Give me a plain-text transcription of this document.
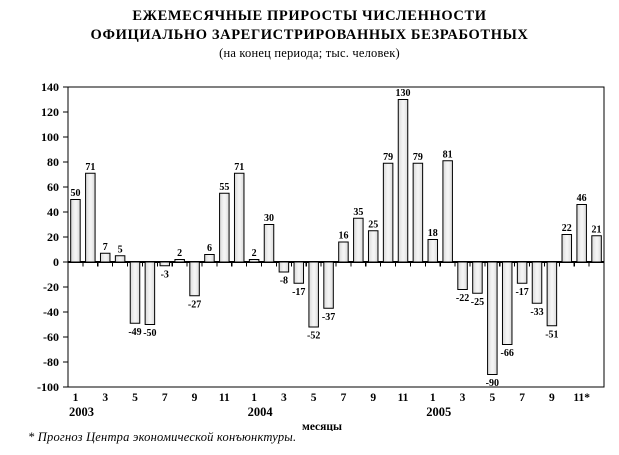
ЕЖЕМЕСЯЧНЫЕ ПРИРОСТЫ ЧИСЛЕННОСТИ
ОФИЦИАЛЬНО ЗАРЕГИСТРИРОВАННЫХ БЕЗРАБОТНЫХ
(на конец периода; тыс. человек)
140
120
100
80
60
40
20
0
-20
-40
-60
-80
-100
50
71
7 5
-49 -50
-3
2
-27
6
55
71
2
30
-8
-17
-52
-37
16
35
25
79
130
79
18
81
-22 -25
-90
-66
-17
-33
-51
22
46
21
1 3 5 7 9 11 1 3 5 7 9 11 1 3 5 7 9 11*
2003	2004	2005
месяцы
* Прогноз Центра экономической конъюнктуры.
